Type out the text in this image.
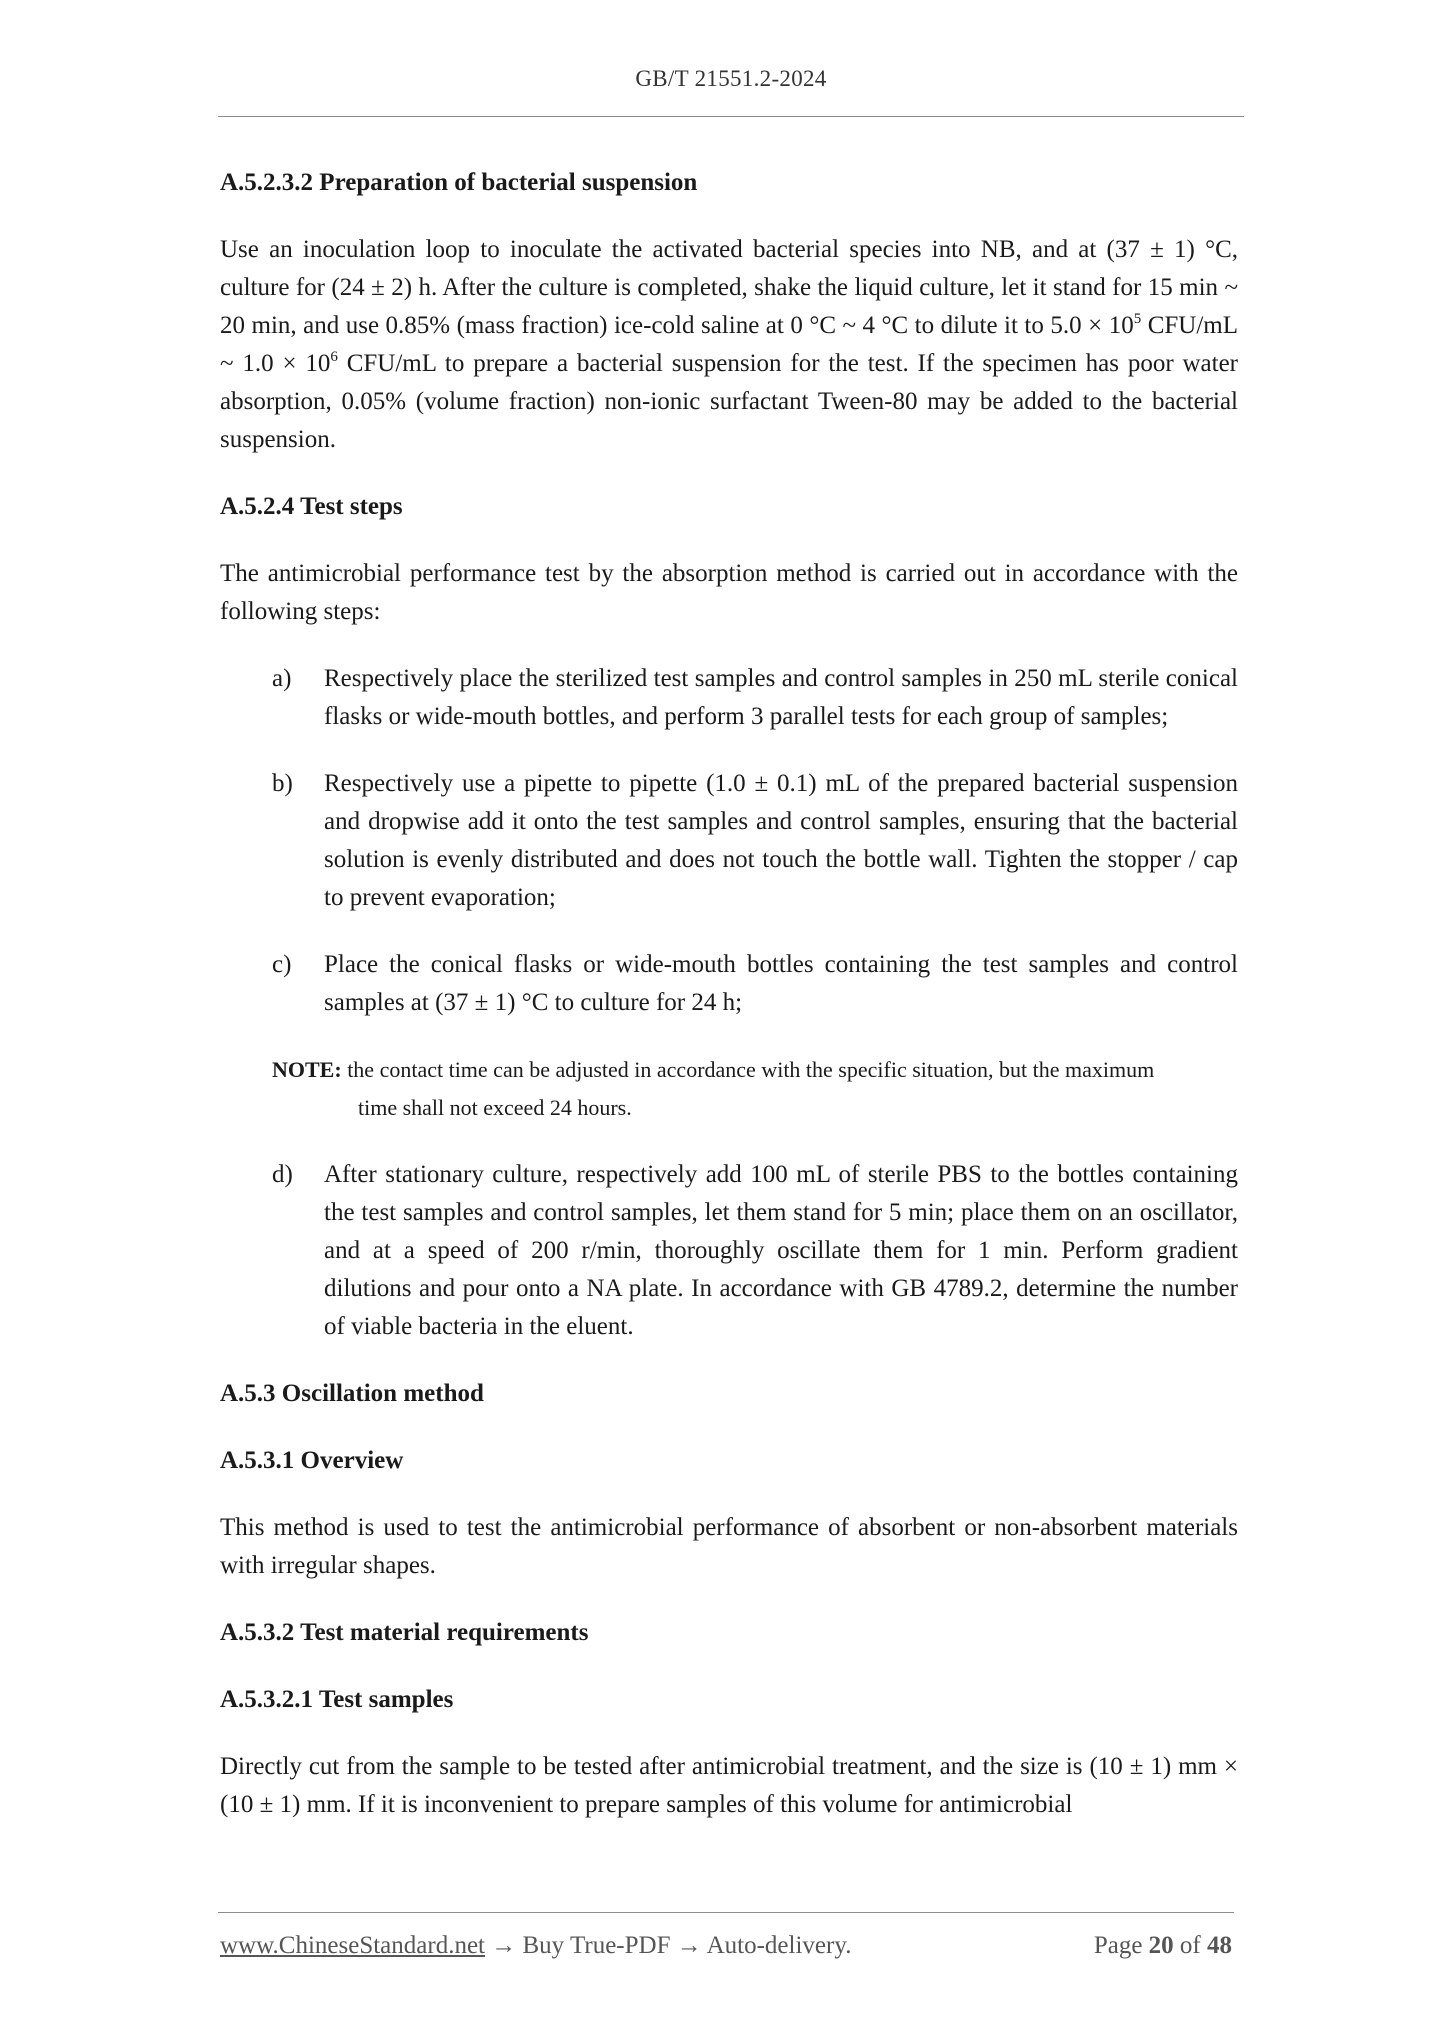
GB/T 21551.2-2024

A.5.2.3.2 Preparation of bacterial suspension

Use an inoculation loop to inoculate the activated bacterial species into NB, and at (37 ± 1) °C, culture for (24 ± 2) h. After the culture is completed, shake the liquid culture, let it stand for 15 min ~ 20 min, and use 0.85% (mass fraction) ice-cold saline at 0 °C ~ 4 °C to dilute it to $5.0 \times 10^5$ CFU/mL ~ $1.0 \times 10^6$ CFU/mL to prepare a bacterial suspension for the test. If the specimen has poor water absorption, 0.05% (volume fraction) non-ionic surfactant Tween-80 may be added to the bacterial suspension.

A.5.2.4 Test steps

The antimicrobial performance test by the absorption method is carried out in accordance with the following steps:

a)	Respectively place the sterilized test samples and control samples in 250 mL sterile conical flasks or wide-mouth bottles, and perform 3 parallel tests for each group of samples;
b)	Respectively use a pipette to pipette (1.0 ± 0.1) mL of the prepared bacterial suspension and dropwise add it onto the test samples and control samples, ensuring that the bacterial solution is evenly distributed and does not touch the bottle wall. Tighten the stopper / cap to prevent evaporation;
c)	Place the conical flasks or wide-mouth bottles containing the test samples and control samples at (37 ± 1) °C to culture for 24 h;
NOTE: the contact time can be adjusted in accordance with the specific situation, but the maximum
time shall not exceed 24 hours.
d)	After stationary culture, respectively add 100 mL of sterile PBS to the bottles containing the test samples and control samples, let them stand for 5 min; place them on an oscillator, and at a speed of 200 r/min, thoroughly oscillate them for 1 min. Perform gradient dilutions and pour onto a NA plate. In accordance with GB 4789.2, determine the number of viable bacteria in the eluent.

A.5.3 Oscillation method

A.5.3.1 Overview

This method is used to test the antimicrobial performance of absorbent or non-absorbent materials with irregular shapes.

A.5.3.2 Test material requirements

A.5.3.2.1 Test samples

Directly cut from the sample to be tested after antimicrobial treatment, and the size is (10 ± 1) mm × (10 ± 1) mm. If it is inconvenient to prepare samples of this volume for antimicrobial

www.ChineseStandard.net → Buy True-PDF → Auto-delivery.	Page 20 of 48
